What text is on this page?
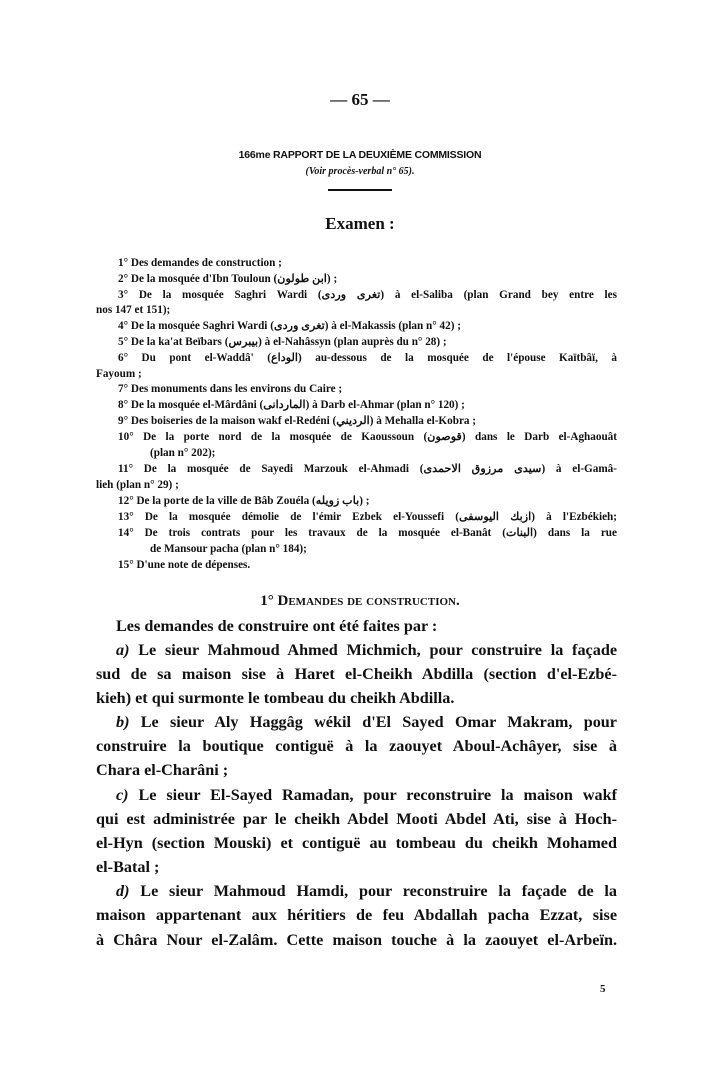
— 65 —
166me RAPPORT DE LA DEUXIÈME COMMISSION
(Voir procès-verbal n° 65).
Examen :
1° Des demandes de construction ;
2° De la mosquée d'Ibn Touloun (ابن طولون) ;
3° De la mosquée Saghri Wardi (تغرى وردى) à el-Saliba (plan Grand bey entre les
nos 147 et 151);
4° De la mosquée Saghri Wardi (تغرى وردى) à el-Makassis (plan n° 42) ;
5° De la ka'at Beïbars (بيبرس) à el-Nahâssyn (plan auprès du n° 28) ;
6° Du pont el-Waddâ' (الوداع) au-dessous de la mosquée de l'épouse Kaïtbâï, à
Fayoum ;
7° Des monuments dans les environs du Caire ;
8° De la mosquée el-Mârdâni (الماردانى) à Darb el-Ahmar (plan n° 120) ;
9° Des boiseries de la maison wakf el-Redéni (الرديني) à Mehalla el-Kobra ;
10° De la porte nord de la mosquée de Kaoussoun (قوصون) dans le Darb el-Aghaouât
(plan n° 202);
11° De la mosquée de Sayedi Marzouk el-Ahmadi (سيدى مرزوق الاحمدى) à el-Gamâ-
lieh (plan n° 29) ;
12° De la porte de la ville de Bâb Zouéla (باب زويله) ;
13° De la mosquée démolie de l'émir Ezbek el-Youssefi (ازبك اليوسفى) à l'Ezbékieh;
14° De trois contrats pour les travaux de la mosquée el-Banât (البنات) dans la rue
de Mansour pacha (plan n° 184);
15° D'une note de dépenses.
1° Demandes de construction.
Les demandes de construire ont été faites par :
a) Le sieur Mahmoud Ahmed Michmich, pour construire la façade
sud de sa maison sise à Haret el-Cheikh Abdilla (section d'el-Ezbé-
kieh) et qui surmonte le tombeau du cheikh Abdilla.
b) Le sieur Aly Haggâg wékil d'El Sayed Omar Makram, pour
construire la boutique contiguë à la zaouyet Aboul-Achâyer, sise à
Chara el-Charâni ;
c) Le sieur El-Sayed Ramadan, pour reconstruire la maison wakf
qui est administrée par le cheikh Abdel Mooti Abdel Ati, sise à Hoch-
el-Hyn (section Mouski) et contiguë au tombeau du cheikh Mohamed
el-Batal ;
d) Le sieur Mahmoud Hamdi, pour reconstruire la façade de la
maison appartenant aux héritiers de feu Abdallah pacha Ezzat, sise
à Châra Nour el-Zalâm. Cette maison touche à la zaouyet el-Arbeïn.
5
